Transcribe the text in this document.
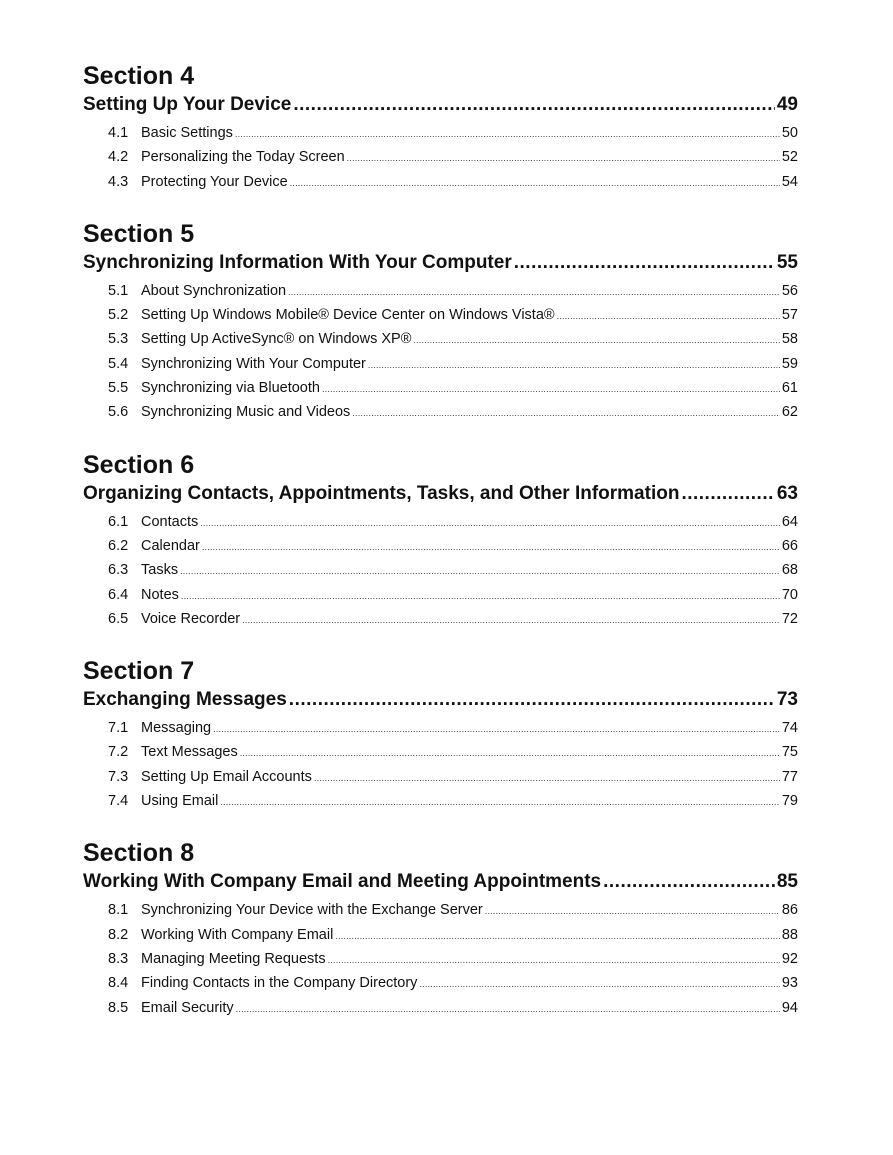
Section 4
Setting Up Your Device .....	49
4.1 Basic Settings .....	50
4.2 Personalizing the Today Screen .....	52
4.3 Protecting Your Device .....	54
Section 5
Synchronizing Information With Your Computer .....	55
5.1 About Synchronization .....	56
5.2 Setting Up Windows Mobile® Device Center on Windows Vista® .....	57
5.3 Setting Up ActiveSync® on Windows XP® .....	58
5.4 Synchronizing With Your Computer .....	59
5.5 Synchronizing via Bluetooth .....	61
5.6 Synchronizing Music and Videos .....	62
Section 6
Organizing Contacts, Appointments, Tasks, and Other Information .....	63
6.1 Contacts .....	64
6.2 Calendar .....	66
6.3 Tasks .....	68
6.4 Notes .....	70
6.5 Voice Recorder .....	72
Section 7
Exchanging Messages .....	73
7.1 Messaging .....	74
7.2 Text Messages .....	75
7.3 Setting Up Email Accounts .....	77
7.4 Using Email .....	79
Section 8
Working With Company Email and Meeting Appointments .....	85
8.1 Synchronizing Your Device with the Exchange Server .....	86
8.2 Working With Company Email .....	88
8.3 Managing Meeting Requests .....	92
8.4 Finding Contacts in the Company Directory .....	93
8.5 Email Security .....	94
